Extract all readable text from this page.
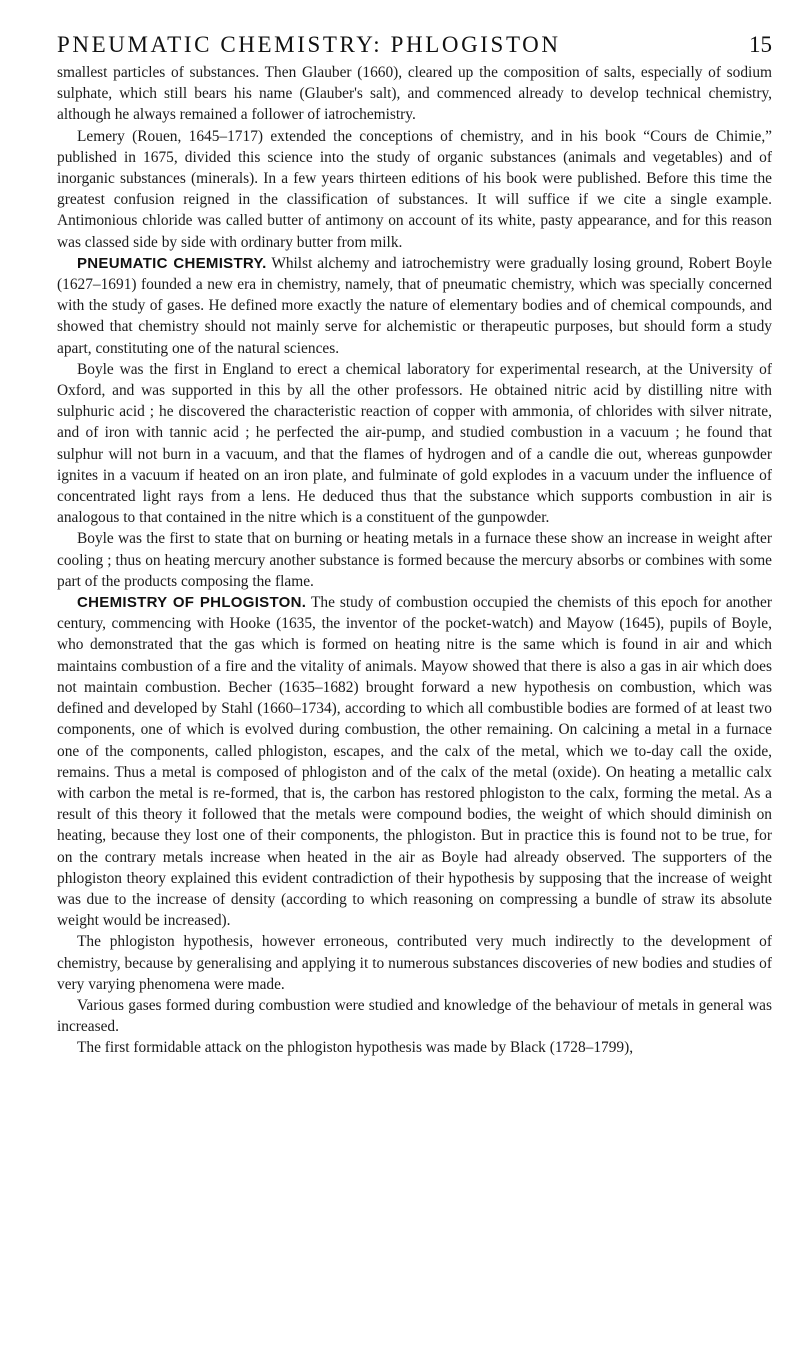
PNEUMATIC CHEMISTRY: PHLOGISTON	15

smallest particles of substances. Then Glauber (1660), cleared up the composition of salts, especially of sodium sulphate, which still bears his name (Glauber's salt), and commenced already to develop technical chemistry, although he always remained a follower of iatrochemistry.

Lemery (Rouen, 1645–1717) extended the conceptions of chemistry, and in his book “Cours de Chimie,” published in 1675, divided this science into the study of organic substances (animals and vegetables) and of inorganic substances (minerals). In a few years thirteen editions of his book were published. Before this time the greatest confusion reigned in the classification of substances. It will suffice if we cite a single example. Antimonious chloride was called butter of antimony on account of its white, pasty appearance, and for this reason was classed side by side with ordinary butter from milk.

PNEUMATIC CHEMISTRY. Whilst alchemy and iatrochemistry were gradually losing ground, Robert Boyle (1627–1691) founded a new era in chemistry, namely, that of pneumatic chemistry, which was specially concerned with the study of gases. He defined more exactly the nature of elementary bodies and of chemical compounds, and showed that chemistry should not mainly serve for alchemistic or therapeutic purposes, but should form a study apart, constituting one of the natural sciences.

Boyle was the first in England to erect a chemical laboratory for experimental research, at the University of Oxford, and was supported in this by all the other professors. He obtained nitric acid by distilling nitre with sulphuric acid ; he discovered the characteristic reaction of copper with ammonia, of chlorides with silver nitrate, and of iron with tannic acid ; he perfected the air-pump, and studied combustion in a vacuum ; he found that sulphur will not burn in a vacuum, and that the flames of hydrogen and of a candle die out, whereas gunpowder ignites in a vacuum if heated on an iron plate, and fulminate of gold explodes in a vacuum under the influence of concentrated light rays from a lens. He deduced thus that the substance which supports combustion in air is analogous to that contained in the nitre which is a constituent of the gunpowder.

Boyle was the first to state that on burning or heating metals in a furnace these show an increase in weight after cooling ; thus on heating mercury another substance is formed because the mercury absorbs or combines with some part of the products composing the flame.

CHEMISTRY OF PHLOGISTON. The study of combustion occupied the chemists of this epoch for another century, commencing with Hooke (1635, the inventor of the pocket-watch) and Mayow (1645), pupils of Boyle, who demonstrated that the gas which is formed on heating nitre is the same which is found in air and which maintains combustion of a fire and the vitality of animals. Mayow showed that there is also a gas in air which does not maintain combustion. Becher (1635–1682) brought forward a new hypothesis on combustion, which was defined and developed by Stahl (1660–1734), according to which all combustible bodies are formed of at least two components, one of which is evolved during combustion, the other remaining. On calcining a metal in a furnace one of the components, called phlogiston, escapes, and the calx of the metal, which we to-day call the oxide, remains. Thus a metal is composed of phlogiston and of the calx of the metal (oxide). On heating a metallic calx with carbon the metal is re-formed, that is, the carbon has restored phlogiston to the calx, forming the metal. As a result of this theory it followed that the metals were compound bodies, the weight of which should diminish on heating, because they lost one of their components, the phlogiston. But in practice this is found not to be true, for on the contrary metals increase when heated in the air as Boyle had already observed. The supporters of the phlogiston theory explained this evident contradiction of their hypothesis by supposing that the increase of weight was due to the increase of density (according to which reasoning on compressing a bundle of straw its absolute weight would be increased).

The phlogiston hypothesis, however erroneous, contributed very much indirectly to the development of chemistry, because by generalising and applying it to numerous substances discoveries of new bodies and studies of very varying phenomena were made.

Various gases formed during combustion were studied and knowledge of the behaviour of metals in general was increased.

The first formidable attack on the phlogiston hypothesis was made by Black (1728–1799),
